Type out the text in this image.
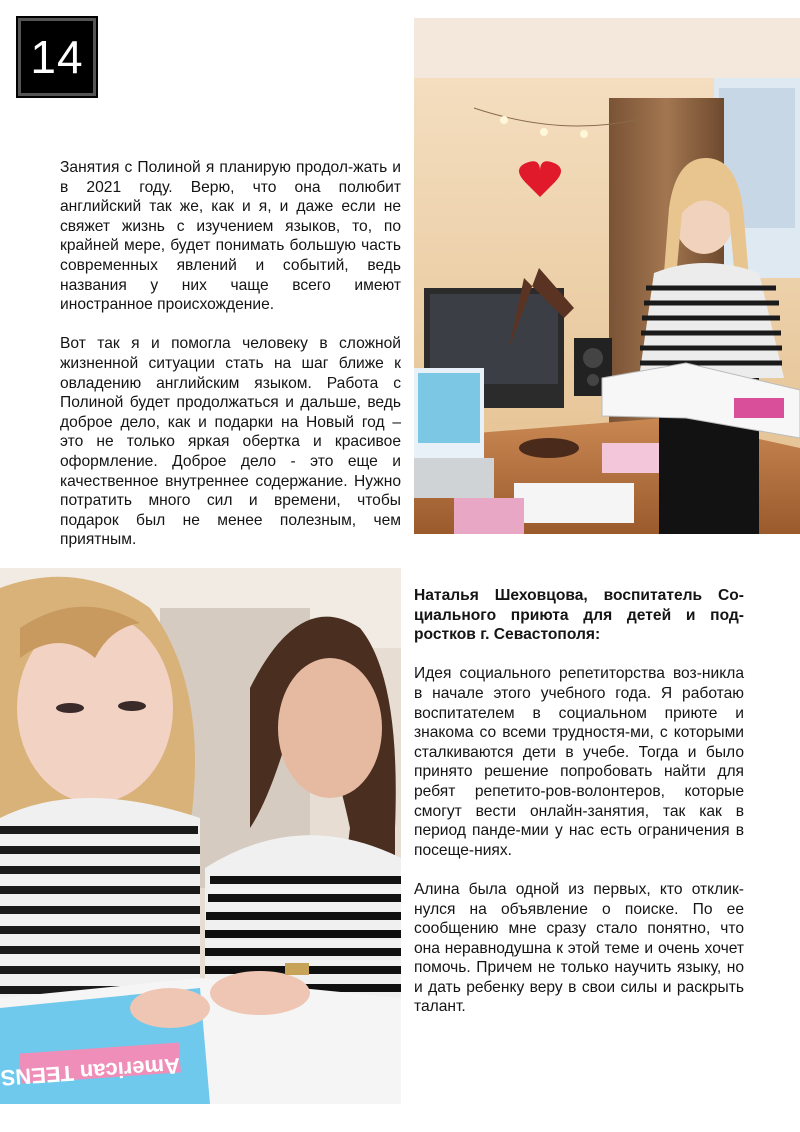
14

Занятия с Полиной я планирую продол-жать и в 2021 году. Верю, что она полюбит английский так же, как и я, и даже если не свяжет жизнь с изучением языков, то, по крайней мере, будет понимать большую часть современных явлений и событий, ведь названия у них чаще всего имеют иностранное происхождение.

Вот так я и помогла человеку в сложной жизненной ситуации стать на шаг ближе к овладению английским языком. Работа с Полиной будет продолжаться и дальше, ведь доброе дело, как и подарки на Новый год – это не только яркая обертка и красивое оформление. Доброе дело - это еще и качественное внутреннее содержание. Нужно потратить много сил и времени, чтобы подарок был не менее полезным, чем приятным.

American TEENS

Наталья Шеховцова, воспитатель Со-циального приюта для детей и под-ростков г. Севастополя:

Идея социального репетиторства воз-никла в начале этого учебного года. Я работаю воспитателем в социальном приюте и знакома со всеми трудностя-ми, с которыми сталкиваются дети в учебе. Тогда и было принято решение попробовать найти для ребят репетито-ров-волонтеров, которые смогут вести онлайн-занятия, так как в период панде-мии у нас есть ограничения в посеще-ниях.

Алина была одной из первых, кто отклик-нулся на объявление о поиске. По ее сообщению мне сразу стало понятно, что она неравнодушна к этой теме и очень хочет помочь. Причем не только научить языку, но и дать ребенку веру в свои силы и раскрыть талант.
